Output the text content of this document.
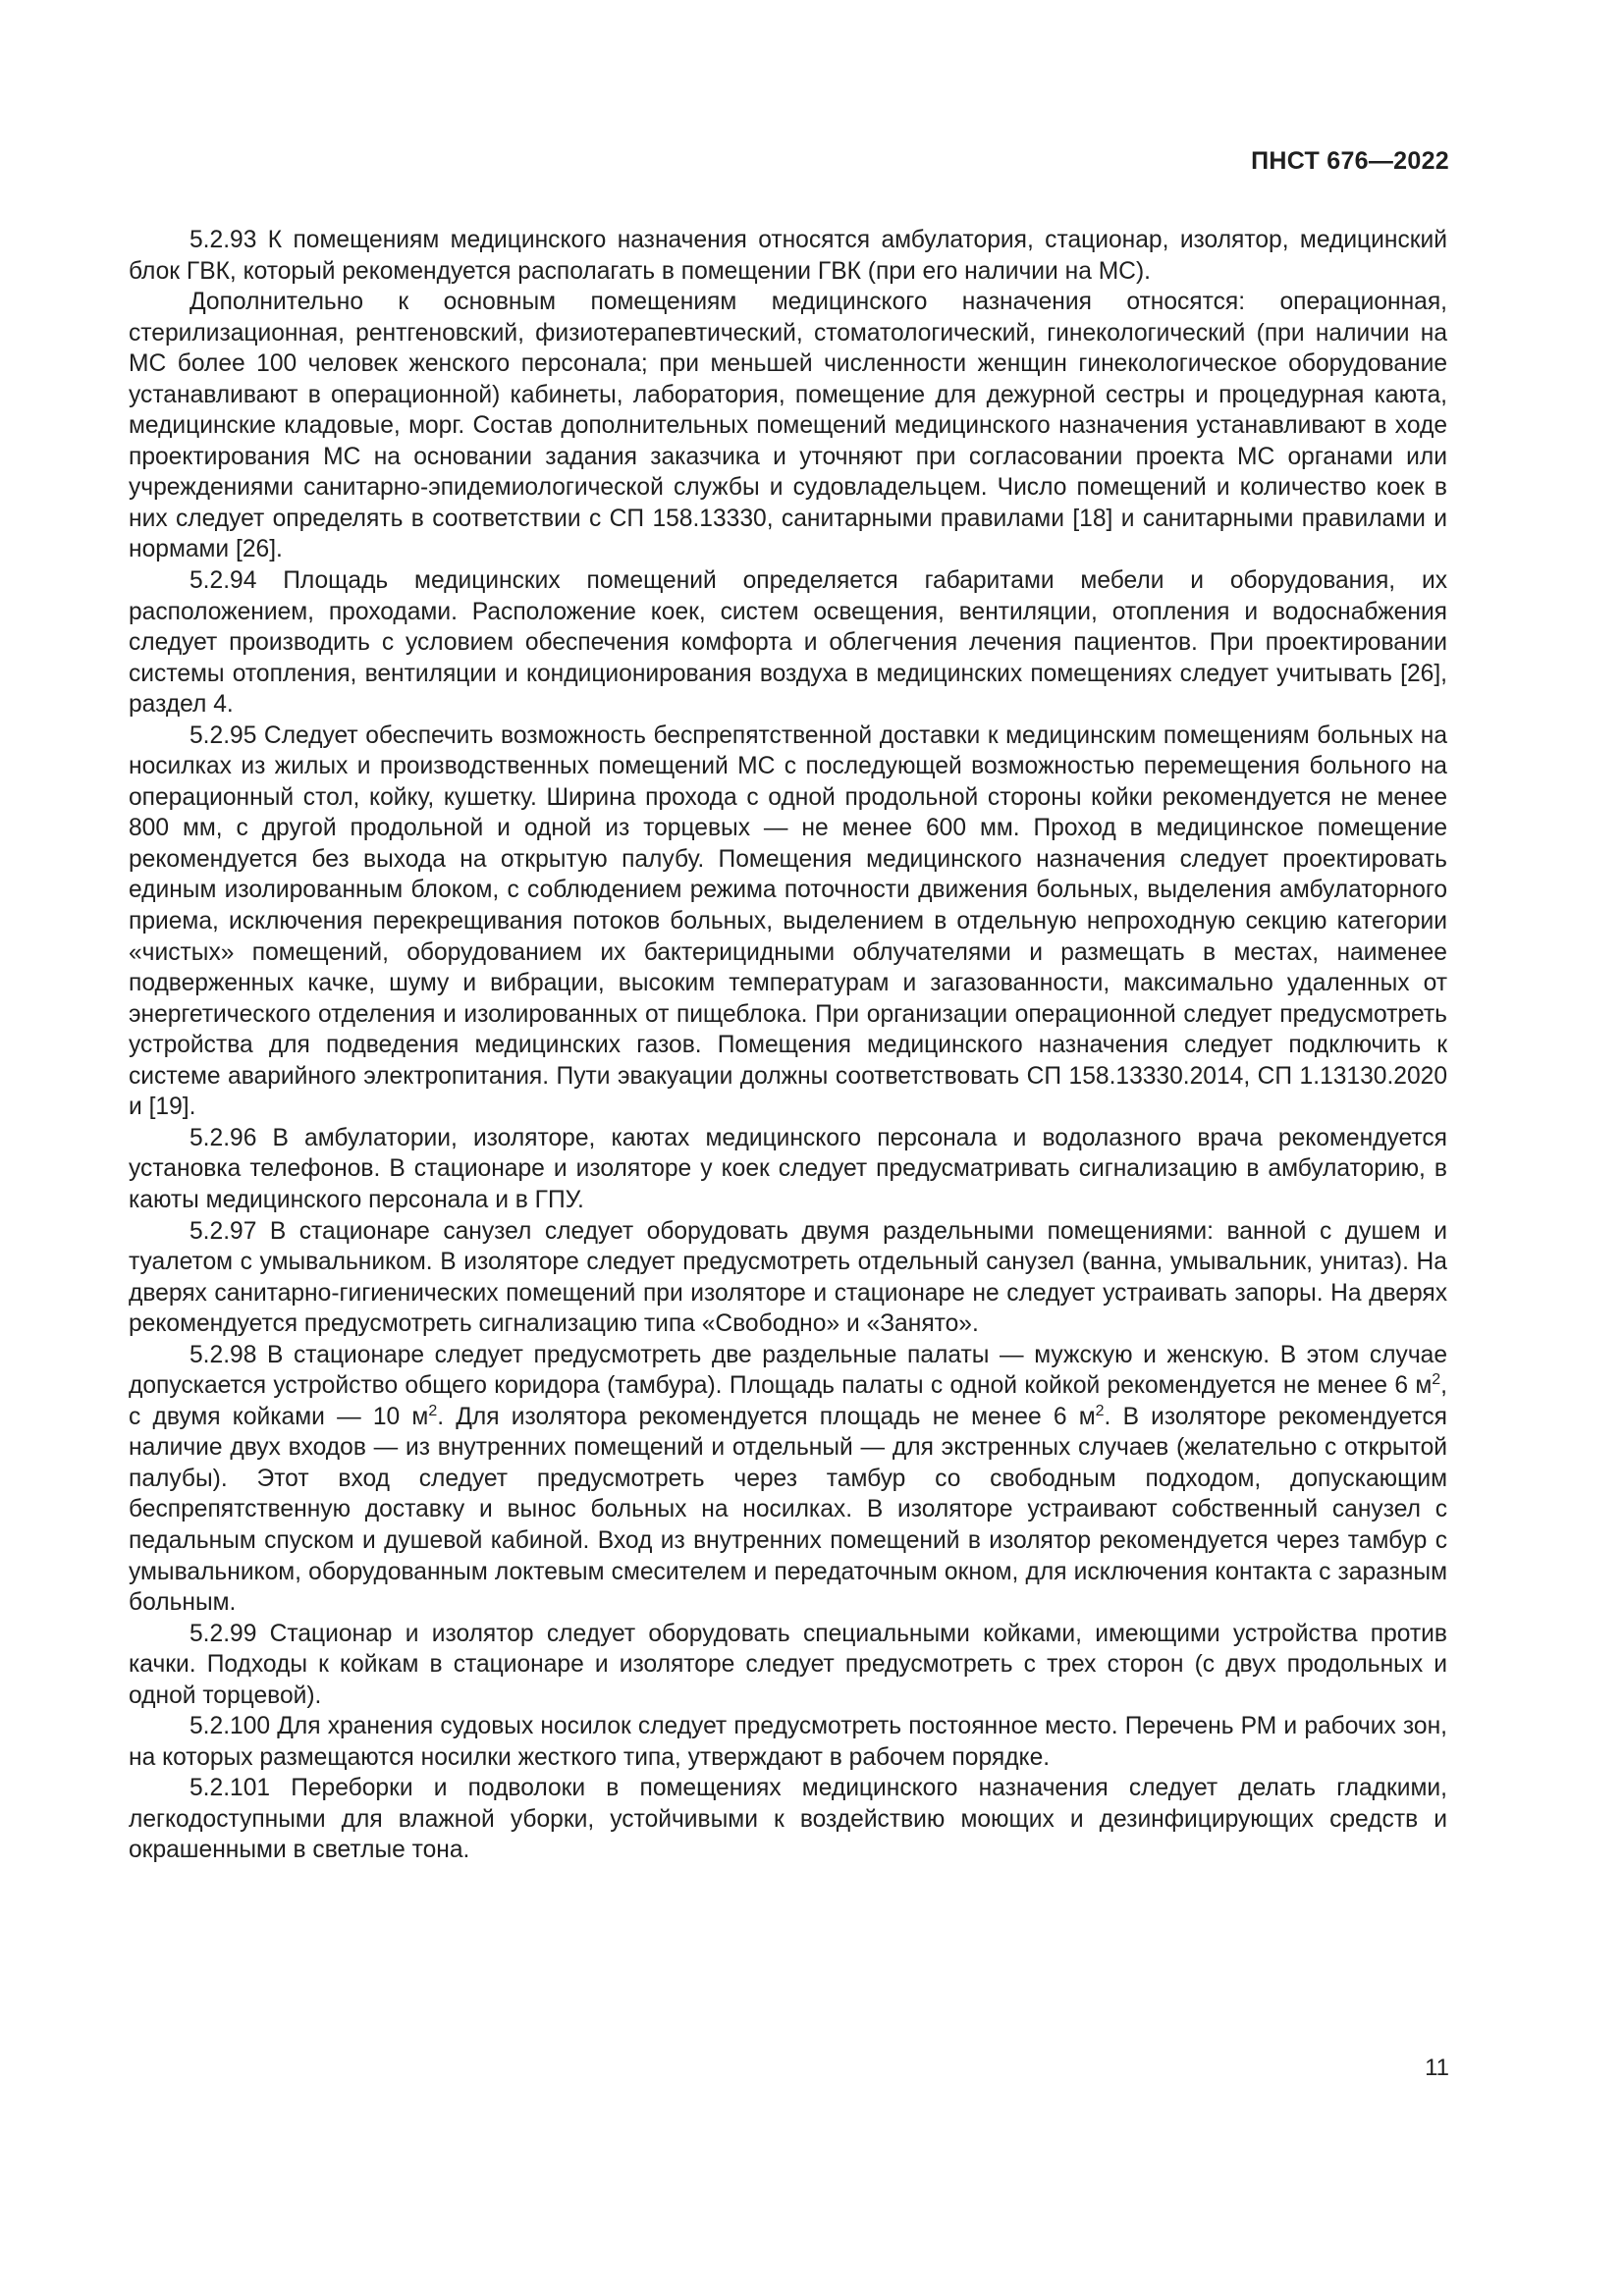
ПНСТ 676—2022

5.2.93 К помещениям медицинского назначения относятся амбулатория, стационар, изолятор, медицинский блок ГВК, который рекомендуется располагать в помещении ГВК (при его наличии на МС).

Дополнительно к основным помещениям медицинского назначения относятся: операционная, стерилизационная, рентгеновский, физиотерапевтический, стоматологический, гинекологический (при наличии на МС более 100 человек женского персонала; при меньшей численности женщин гинекологическое оборудование устанавливают в операционной) кабинеты, лаборатория, помещение для дежурной сестры и процедурная каюта, медицинские кладовые, морг. Состав дополнительных помещений медицинского назначения устанавливают в ходе проектирования МС на основании задания заказчика и уточняют при согласовании проекта МС органами или учреждениями санитарно-эпидемиологической службы и судовладельцем. Число помещений и количество коек в них следует определять в соответствии с СП 158.13330, санитарными правилами [18] и санитарными правилами и нормами [26].

5.2.94 Площадь медицинских помещений определяется габаритами мебели и оборудования, их расположением, проходами. Расположение коек, систем освещения, вентиляции, отопления и водоснабжения следует производить с условием обеспечения комфорта и облегчения лечения пациентов. При проектировании системы отопления, вентиляции и кондиционирования воздуха в медицинских помещениях следует учитывать [26], раздел 4.

5.2.95 Следует обеспечить возможность беспрепятственной доставки к медицинским помещениям больных на носилках из жилых и производственных помещений МС с последующей возможностью перемещения больного на операционный стол, койку, кушетку. Ширина прохода с одной продольной стороны койки рекомендуется не менее 800 мм, с другой продольной и одной из торцевых — не менее 600 мм. Проход в медицинское помещение рекомендуется без выхода на открытую палубу. Помещения медицинского назначения следует проектировать единым изолированным блоком, с соблюдением режима поточности движения больных, выделения амбулаторного приема, исключения перекрещивания потоков больных, выделением в отдельную непроходную секцию категории «чистых» помещений, оборудованием их бактерицидными облучателями и размещать в местах, наименее подверженных качке, шуму и вибрации, высоким температурам и загазованности, максимально удаленных от энергетического отделения и изолированных от пищеблока. При организации операционной следует предусмотреть устройства для подведения медицинских газов. Помещения медицинского назначения следует подключить к системе аварийного электропитания. Пути эвакуации должны соответствовать СП 158.13330.2014, СП 1.13130.2020 и [19].

5.2.96 В амбулатории, изоляторе, каютах медицинского персонала и водолазного врача рекомендуется установка телефонов. В стационаре и изоляторе у коек следует предусматривать сигнализацию в амбулаторию, в каюты медицинского персонала и в ГПУ.

5.2.97 В стационаре санузел следует оборудовать двумя раздельными помещениями: ванной с душем и туалетом с умывальником. В изоляторе следует предусмотреть отдельный санузел (ванна, умывальник, унитаз). На дверях санитарно-гигиенических помещений при изоляторе и стационаре не следует устраивать запоры. На дверях рекомендуется предусмотреть сигнализацию типа «Свободно» и «Занято».

5.2.98 В стационаре следует предусмотреть две раздельные палаты — мужскую и женскую. В этом случае допускается устройство общего коридора (тамбура). Площадь палаты с одной койкой рекомендуется не менее 6 $м^2$, с двумя койками — 10 $м^2$. Для изолятора рекомендуется площадь не менее 6 $м^2$. В изоляторе рекомендуется наличие двух входов — из внутренних помещений и отдельный — для экстренных случаев (желательно с открытой палубы). Этот вход следует предусмотреть через тамбур со свободным подходом, допускающим беспрепятственную доставку и вынос больных на носилках. В изоляторе устраивают собственный санузел с педальным спуском и душевой кабиной. Вход из внутренних помещений в изолятор рекомендуется через тамбур с умывальником, оборудованным локтевым смесителем и передаточным окном, для исключения контакта с заразным больным.

5.2.99 Стационар и изолятор следует оборудовать специальными койками, имеющими устройства против качки. Подходы к койкам в стационаре и изоляторе следует предусмотреть с трех сторон (с двух продольных и одной торцевой).

5.2.100 Для хранения судовых носилок следует предусмотреть постоянное место. Перечень РМ и рабочих зон, на которых размещаются носилки жесткого типа, утверждают в рабочем порядке.

5.2.101 Переборки и подволоки в помещениях медицинского назначения следует делать гладкими, легкодоступными для влажной уборки, устойчивыми к воздействию моющих и дезинфицирующих средств и окрашенными в светлые тона.

11
